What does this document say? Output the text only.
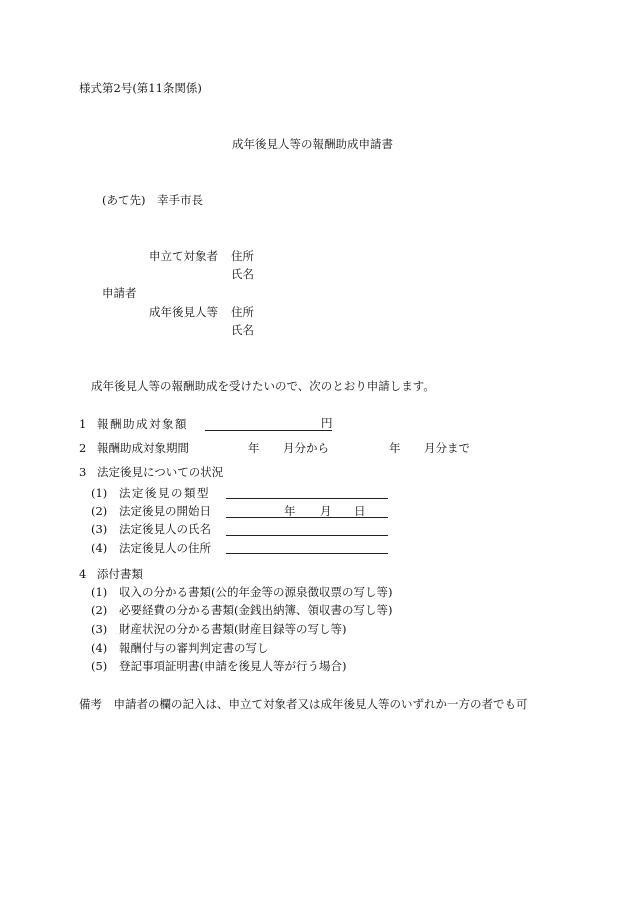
様式第2号(第11条関係)
成年後見人等の報酬助成申請書
(あて先)　幸手市長
申立て対象者 住所
氏名
申請者
成年後見人等 住所
氏名
成年後見人等の報酬助成を受けたいので、次のとおり申請します。
1 報酬助成対象額	円
2 報酬助成対象期間	年 月分から	年 月分まで
3 法定後見についての状況
(1) 法定後見の類型
(2) 法定後見の開始日	年 月 日
(3) 法定後見人の氏名
(4) 法定後見人の住所
4 添付書類
(1) 収入の分かる書類(公的年金等の源泉徴収票の写し等)
(2) 必要経費の分かる書類(金銭出納簿、領収書の写し等)
(3) 財産状況の分かる書類(財産目録等の写し等)
(4) 報酬付与の審判判定書の写し
(5) 登記事項証明書(申請を後見人等が行う場合)
備考　申請者の欄の記入は、申立て対象者又は成年後見人等のいずれか一方の者でも可
